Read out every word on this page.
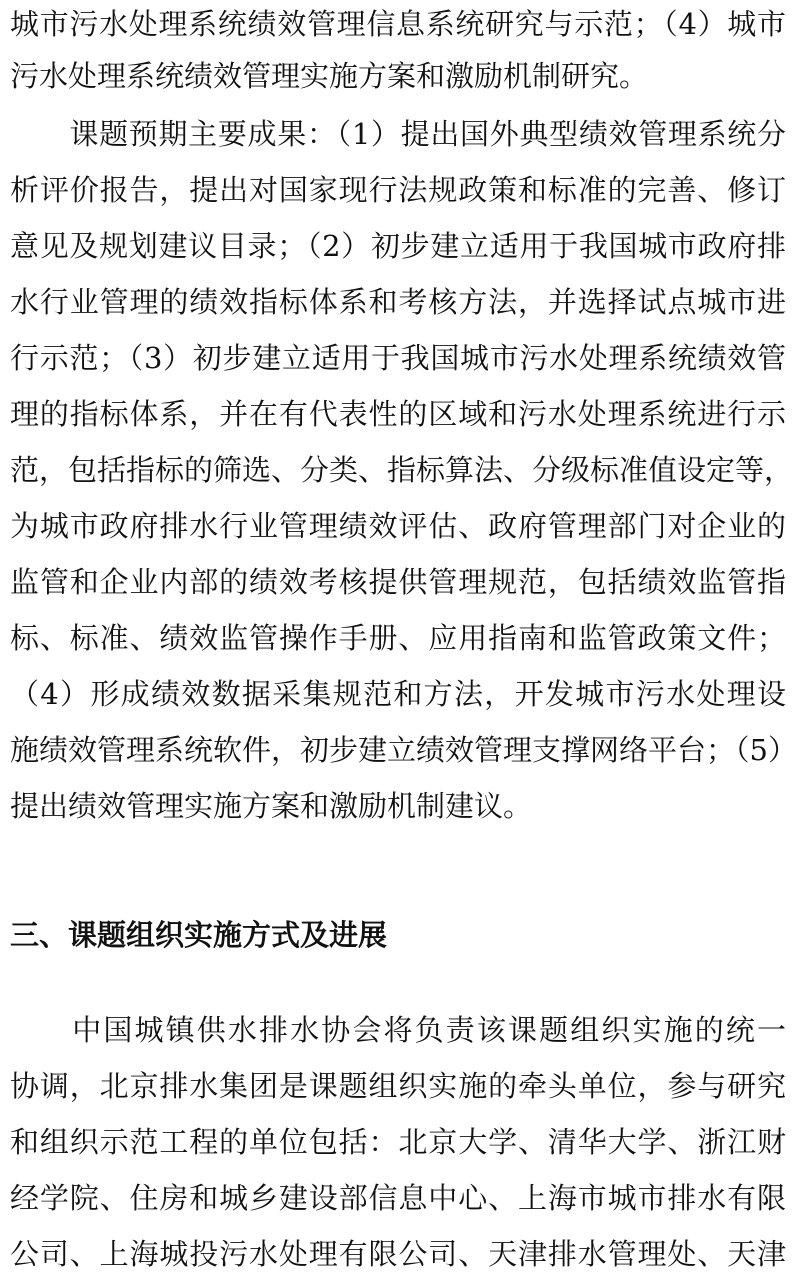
城市污水处理系统绩效管理信息系统研究与示范；（4）城市
污水处理系统绩效管理实施方案和激励机制研究。
　　课题预期主要成果：（1）提出国外典型绩效管理系统分
析评价报告，提出对国家现行法规政策和标准的完善、修订
意见及规划建议目录；（2）初步建立适用于我国城市政府排
水行业管理的绩效指标体系和考核方法，并选择试点城市进
行示范；（3）初步建立适用于我国城市污水处理系统绩效管
理的指标体系，并在有代表性的区域和污水处理系统进行示
范，包括指标的筛选、分类、指标算法、分级标准值设定等，
为城市政府排水行业管理绩效评估、政府管理部门对企业的
监管和企业内部的绩效考核提供管理规范，包括绩效监管指
标、标准、绩效监管操作手册、应用指南和监管政策文件；
（4）形成绩效数据采集规范和方法，开发城市污水处理设
施绩效管理系统软件，初步建立绩效管理支撑网络平台；（5）
提出绩效管理实施方案和激励机制建议。
三、课题组织实施方式及进展
　　中国城镇供水排水协会将负责该课题组织实施的统一
协调，北京排水集团是课题组织实施的牵头单位，参与研究
和组织示范工程的单位包括：北京大学、清华大学、浙江财
经学院、住房和城乡建设部信息中心、上海市城市排水有限
公司、上海城投污水处理有限公司、天津排水管理处、天津
